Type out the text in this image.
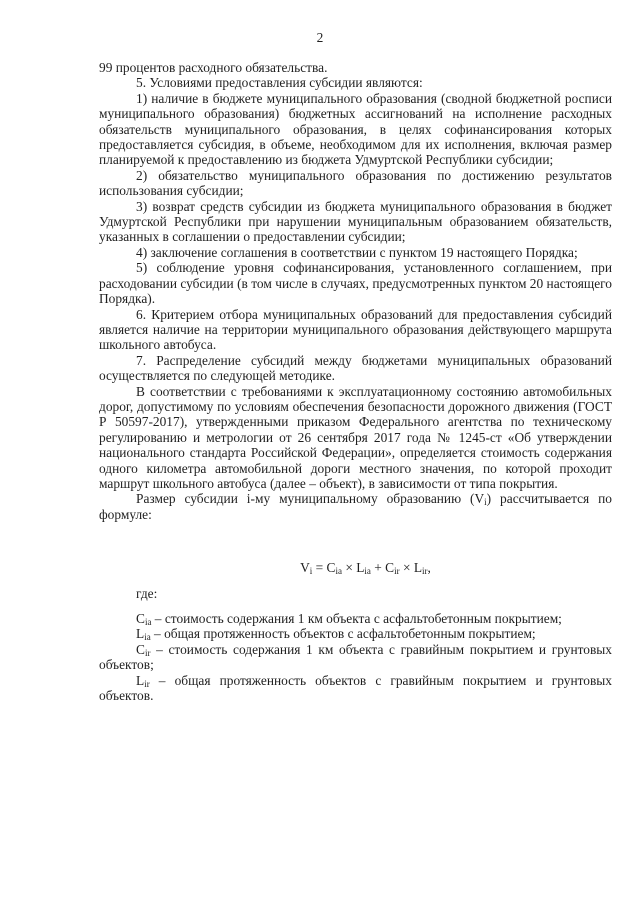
2

99 процентов расходного обязательства.

5. Условиями предоставления субсидии являются:

1) наличие в бюджете муниципального образования (сводной бюджетной росписи муниципального образования) бюджетных ассигнований на исполнение расходных обязательств муниципального образования, в целях софинансирования которых предоставляется субсидия, в объеме, необходимом для их исполнения, включая размер планируемой к предоставлению из бюджета Удмуртской Республики субсидии;

2) обязательство муниципального образования по достижению результатов использования субсидии;

3) возврат средств субсидии из бюджета муниципального образования в бюджет Удмуртской Республики при нарушении муниципальным образованием обязательств, указанных в соглашении о предоставлении субсидии;

4) заключение соглашения в соответствии с пунктом 19 настоящего Порядка;

5) соблюдение уровня софинансирования, установленного соглашением, при расходовании субсидии (в том числе в случаях, предусмотренных пунктом 20 настоящего Порядка).

6. Критерием отбора муниципальных образований для предоставления субсидий является наличие на территории муниципального образования действующего маршрута школьного автобуса.

7. Распределение субсидий между бюджетами муниципальных образований осуществляется по следующей методике.

В соответствии с требованиями к эксплуатационному состоянию автомобильных дорог, допустимому по условиям обеспечения безопасности дорожного движения (ГОСТ Р 50597-2017), утвержденными приказом Федерального агентства по техническому регулированию и метрологии от 26 сентября 2017 года № 1245-ст «Об утверждении национального стандарта Российской Федерации», определяется стоимость содержания одного километра автомобильной дороги местного значения, по которой проходит маршрут школьного автобуса (далее – объект), в зависимости от типа покрытия.

Размер субсидии i-му муниципальному образованию $(V_i)$ рассчитывается по формуле:

$V_i = C_{ia} \times L_{ia} + C_{ir} \times L_{ir}$,

где:

$C_{ia}$ – стоимость содержания 1 км объекта с асфальтобетонным покрытием;

$L_{ia}$ – общая протяженность объектов с асфальтобетонным покрытием;

$C_{ir}$ – стоимость содержания 1 км объекта с гравийным покрытием и грунтовых объектов;

$L_{ir}$ – общая протяженность объектов с гравийным покрытием и грунтовых объектов.
